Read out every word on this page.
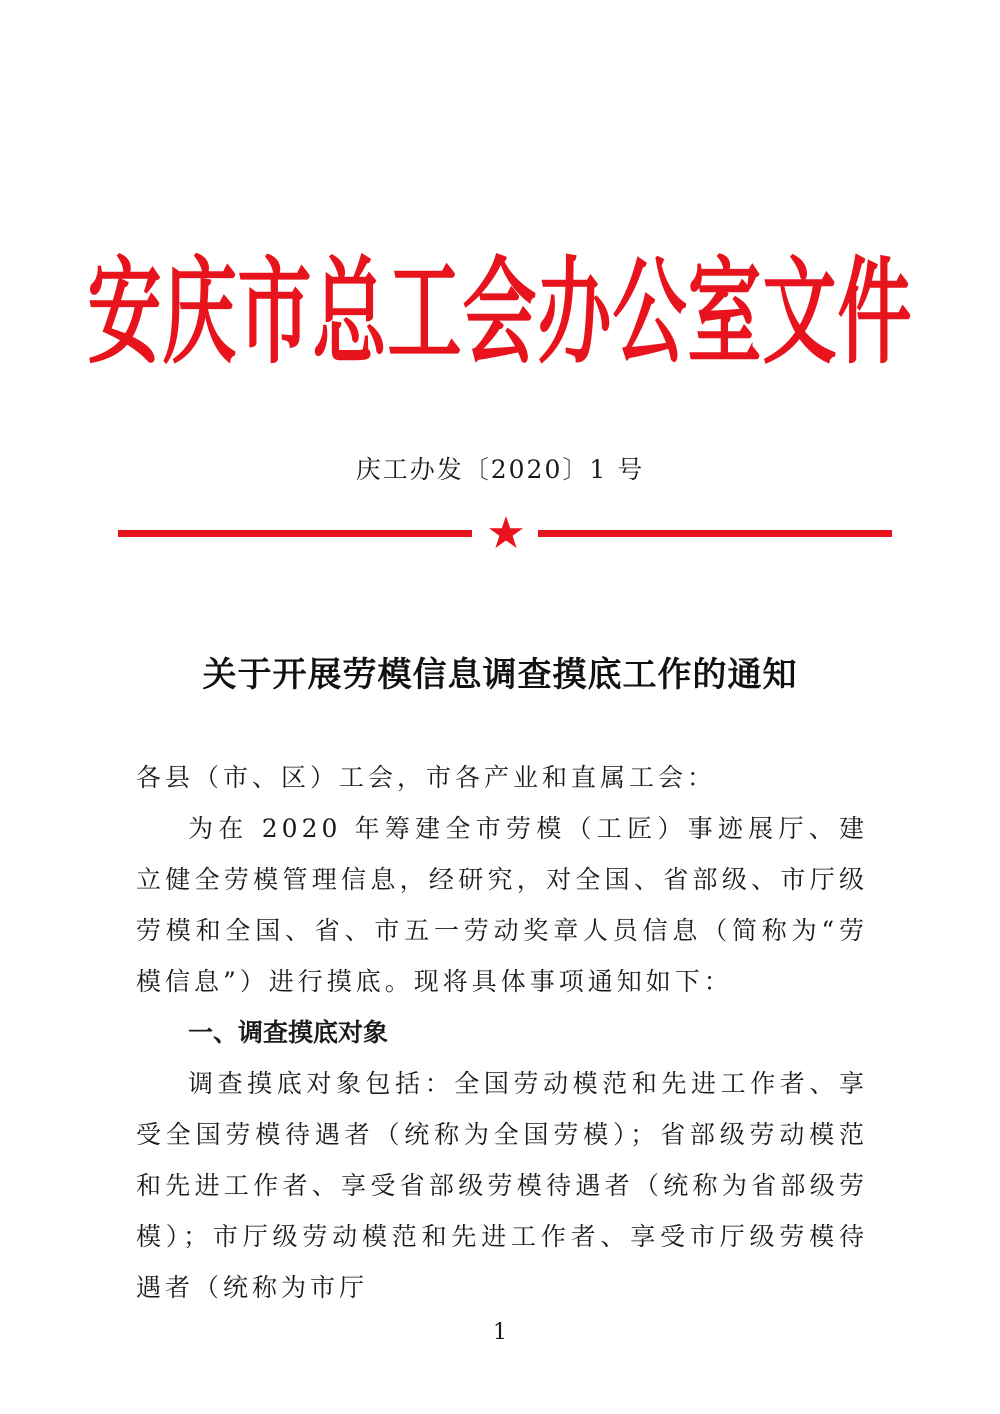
安庆市总工会办公室文件
庆工办发〔2020〕1 号
关于开展劳模信息调查摸底工作的通知
各县（市、区）工会，市各产业和直属工会：
为在 2020 年筹建全市劳模（工匠）事迹展厅、建立健全劳模管理信息，经研究，对全国、省部级、市厅级劳模和全国、省、市五一劳动奖章人员信息（简称为“劳模信息”）进行摸底。现将具体事项通知如下：
一、调查摸底对象
调查摸底对象包括：全国劳动模范和先进工作者、享受全国劳模待遇者（统称为全国劳模）；省部级劳动模范和先进工作者、享受省部级劳模待遇者（统称为省部级劳模）；市厅级劳动模范和先进工作者、享受市厅级劳模待遇者（统称为市厅
1
